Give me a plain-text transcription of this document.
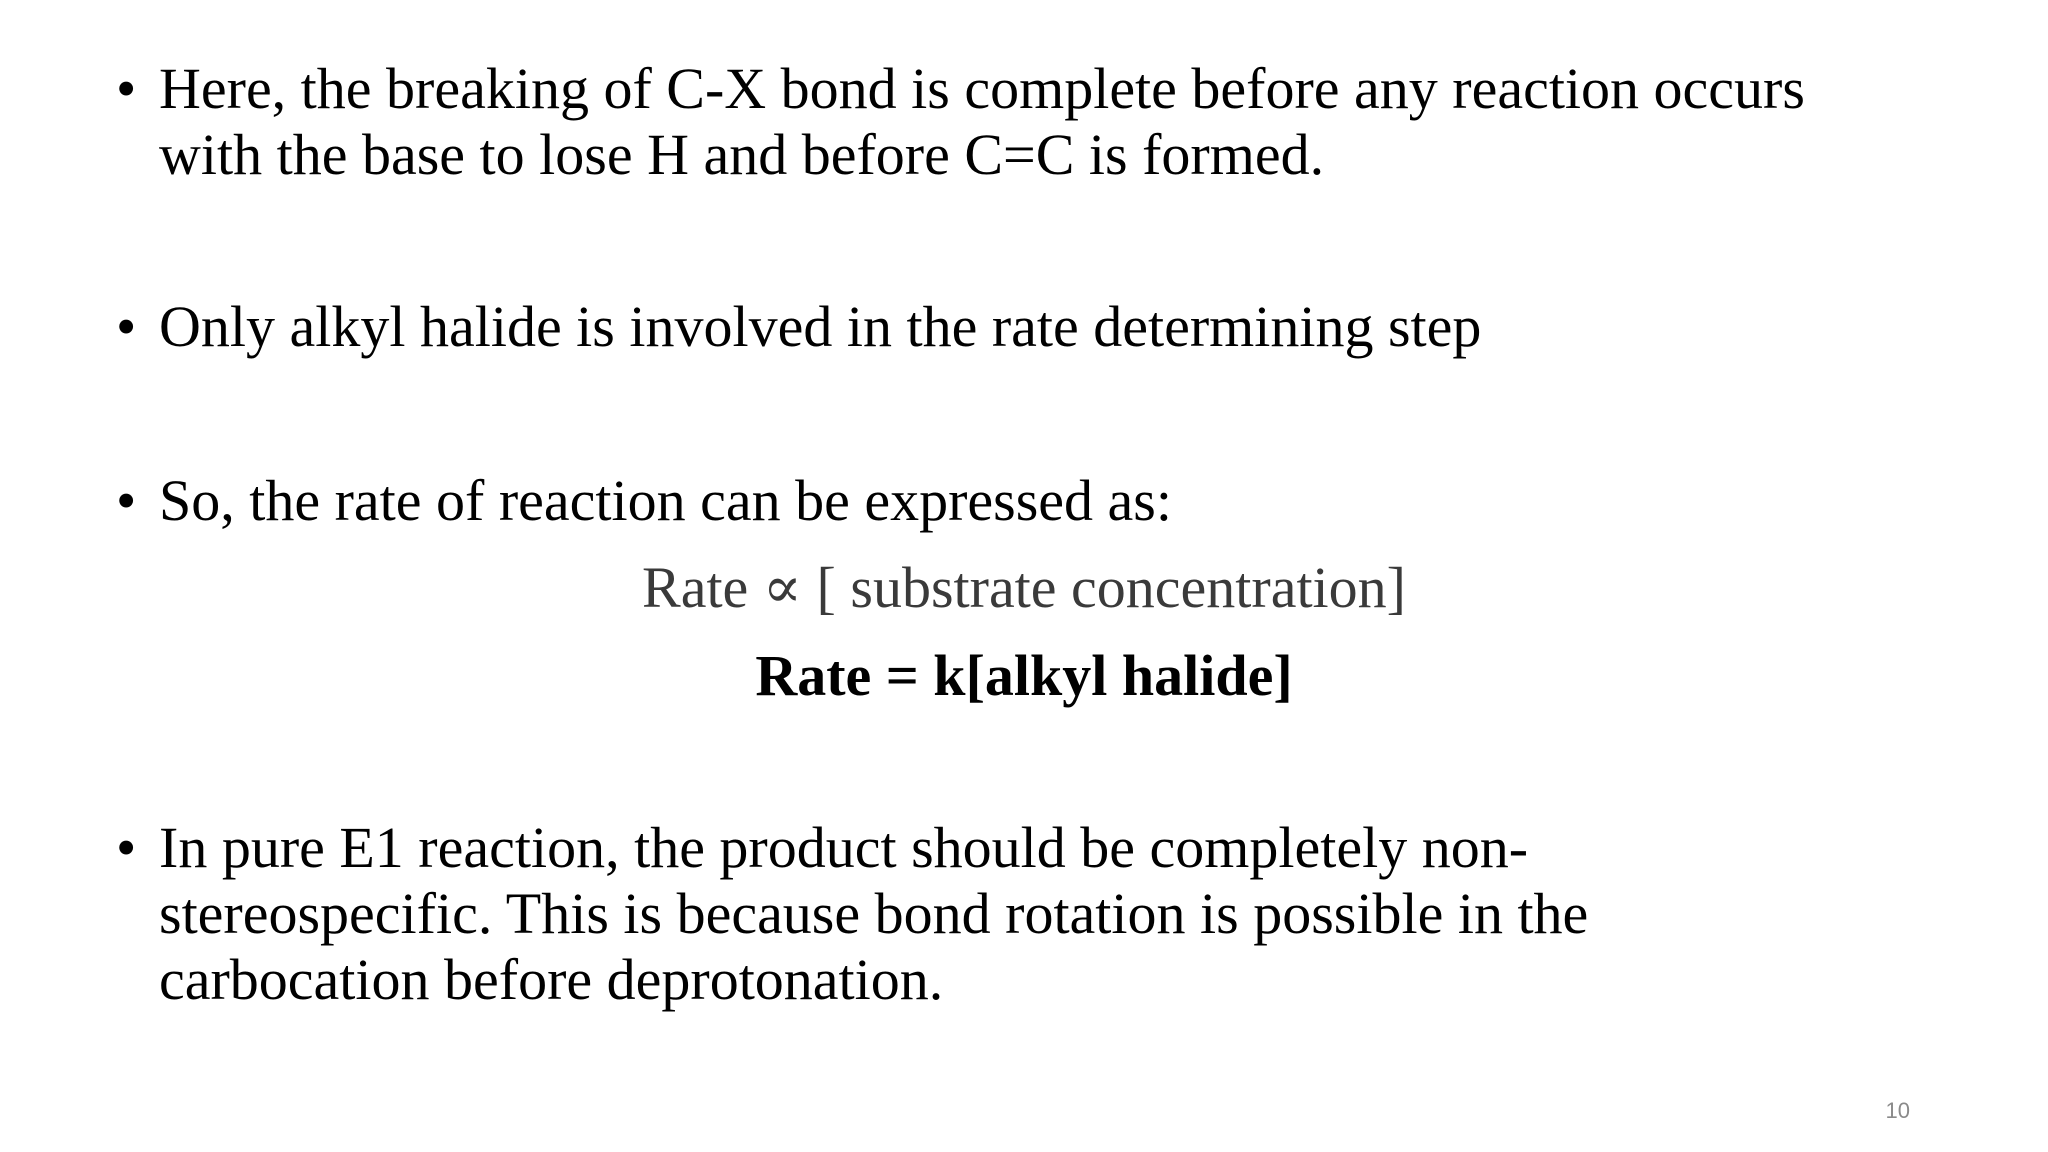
• Here, the breaking of C-X bond is complete before any reaction occurs
with the base to lose H and before C=C is formed.
• Only alkyl halide is involved in the rate determining step
• So, the rate of reaction can be expressed as:
Rate ∝ [ substrate concentration]
Rate = k[alkyl halide]
• In pure E1 reaction, the product should be completely non-
stereospecific. This is because bond rotation is possible in the
carbocation before deprotonation.
10
